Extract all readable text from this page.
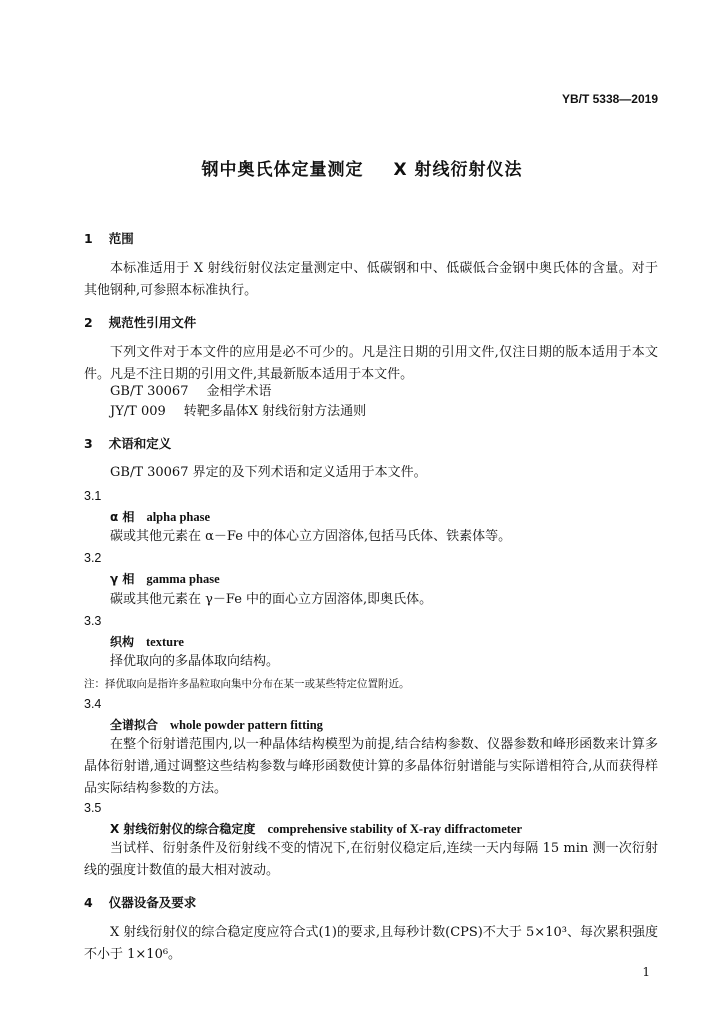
YB/T 5338—2019
钢中奥氏体定量测定 X 射线衍射仪法
1 范围
本标准适用于 X 射线衍射仪法定量测定中、低碳钢和中、低碳低合金钢中奥氏体的含量。对于其他钢种,可参照本标准执行。
2 规范性引用文件
下列文件对于本文件的应用是必不可少的。凡是注日期的引用文件,仅注日期的版本适用于本文件。凡是不注日期的引用文件,其最新版本适用于本文件。
GB/T 30067 金相学术语
JY/T 009 转靶多晶体X 射线衍射方法通则
3 术语和定义
GB/T 30067 界定的及下列术语和定义适用于本文件。
3.1
α 相 alpha phase
碳或其他元素在 α－Fe 中的体心立方固溶体,包括马氏体、铁素体等。
3.2
γ 相 gamma phase
碳或其他元素在 γ－Fe 中的面心立方固溶体,即奥氏体。
3.3
织构 texture
择优取向的多晶体取向结构。
注：择优取向是指许多晶粒取向集中分布在某一或某些特定位置附近。
3.4
全谱拟合 whole powder pattern fitting
在整个衍射谱范围内,以一种晶体结构模型为前提,结合结构参数、仪器参数和峰形函数来计算多晶体衍射谱,通过调整这些结构参数与峰形函数使计算的多晶体衍射谱能与实际谱相符合,从而获得样品实际结构参数的方法。
3.5
X 射线衍射仪的综合稳定度 comprehensive stability of X-ray diffractometer
当试样、衍射条件及衍射线不变的情况下,在衍射仪稳定后,连续一天内每隔 15 min 测一次衍射线的强度计数值的最大相对波动。
4 仪器设备及要求
X 射线衍射仪的综合稳定度应符合式(1)的要求,且每秒计数(CPS)不大于 5×10³、每次累积强度不小于 1×10⁶。
1
